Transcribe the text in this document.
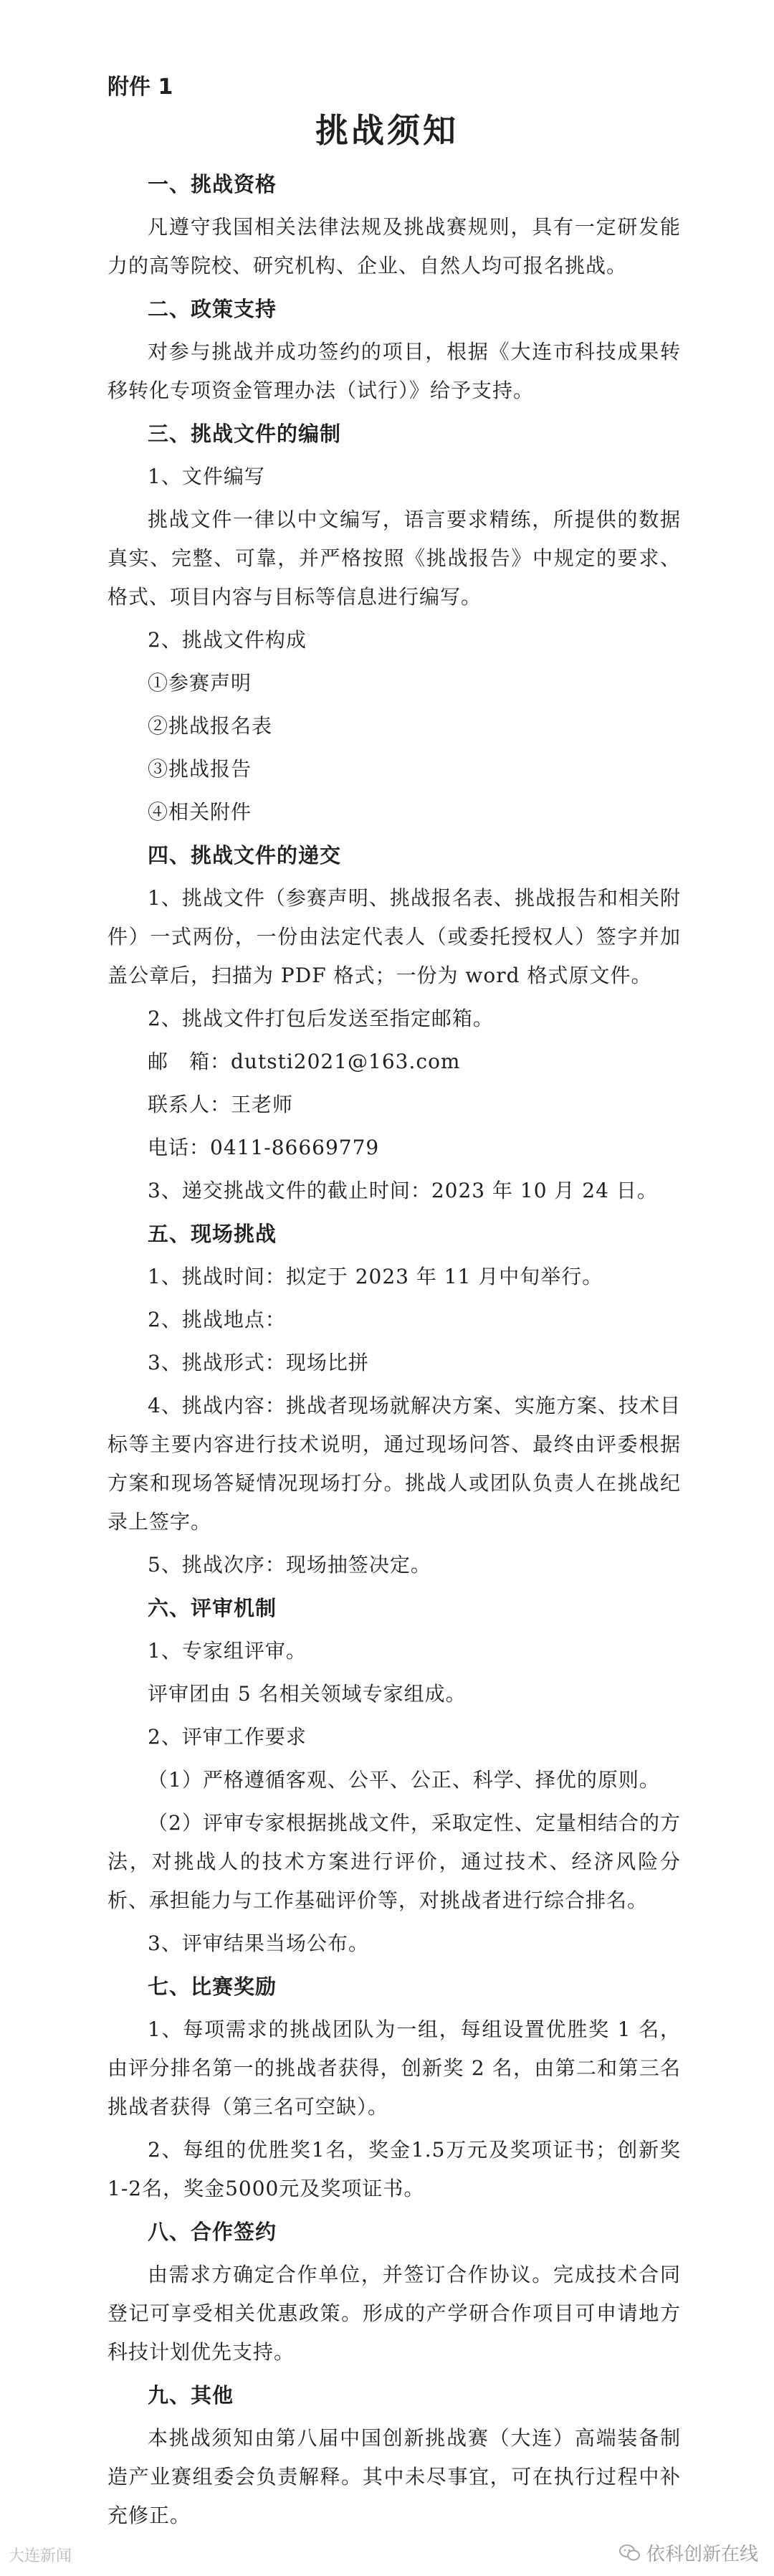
附件 1
挑战须知

一、挑战资格

凡遵守我国相关法律法规及挑战赛规则，具有一定研发能力的高等院校、研究机构、企业、自然人均可报名挑战。

二、政策支持

对参与挑战并成功签约的项目，根据《大连市科技成果转移转化专项资金管理办法（试行）》给予支持。

三、挑战文件的编制

1、文件编写

挑战文件一律以中文编写，语言要求精练，所提供的数据真实、完整、可靠，并严格按照《挑战报告》中规定的要求、格式、项目内容与目标等信息进行编写。

2、挑战文件构成

①参赛声明

②挑战报名表

③挑战报告

④相关附件

四、挑战文件的递交

1、挑战文件（参赛声明、挑战报名表、挑战报告和相关附件）一式两份，一份由法定代表人（或委托授权人）签字并加盖公章后，扫描为 PDF 格式；一份为 word 格式原文件。

2、挑战文件打包后发送至指定邮箱。

邮　箱：dutsti2021@163.com

联系人：王老师

电话：0411-86669779

3、递交挑战文件的截止时间：2023 年 10 月 24 日。

五、现场挑战

1、挑战时间：拟定于 2023 年 11 月中旬举行。

2、挑战地点：

3、挑战形式：现场比拼

4、挑战内容：挑战者现场就解决方案、实施方案、技术目标等主要内容进行技术说明，通过现场问答、最终由评委根据方案和现场答疑情况现场打分。挑战人或团队负责人在挑战纪录上签字。

5、挑战次序：现场抽签决定。

六、评审机制

1、专家组评审。

评审团由 5 名相关领域专家组成。

2、评审工作要求

（1）严格遵循客观、公平、公正、科学、择优的原则。

（2）评审专家根据挑战文件，采取定性、定量相结合的方法，对挑战人的技术方案进行评价，通过技术、经济风险分析、承担能力与工作基础评价等，对挑战者进行综合排名。

3、评审结果当场公布。

七、比赛奖励

1、每项需求的挑战团队为一组，每组设置优胜奖 1 名，由评分排名第一的挑战者获得，创新奖 2 名，由第二和第三名挑战者获得（第三名可空缺）。

2、每组的优胜奖1名，奖金1.5万元及奖项证书；创新奖1-2名，奖金5000元及奖项证书。

八、合作签约

由需求方确定合作单位，并签订合作协议。完成技术合同登记可享受相关优惠政策。形成的产学研合作项目可申请地方科技计划优先支持。

九、其他

本挑战须知由第八届中国创新挑战赛（大连）高端装备制造产业赛组委会负责解释。其中未尽事宜，可在执行过程中补充修正。

大连新闻	依科创新在线
